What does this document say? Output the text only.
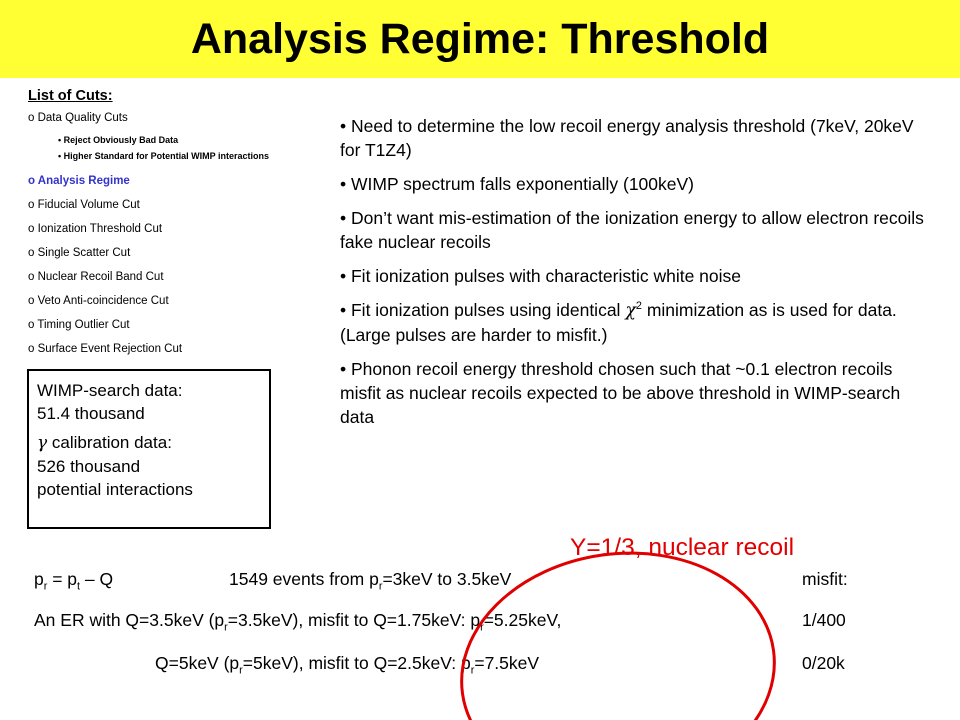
Analysis Regime: Threshold
List of Cuts:
o Data Quality Cuts
• Reject Obviously Bad Data
• Higher Standard for Potential WIMP interactions
o Analysis Regime
o Fiducial Volume Cut
o Ionization Threshold Cut
o Single Scatter Cut
o Nuclear Recoil Band Cut
o Veto Anti-coincidence Cut
o Timing Outlier Cut
o Surface Event Rejection Cut

WIMP-search data:
51.4 thousand

γ calibration data:
526 thousand
potential interactions

• Need to determine the low recoil energy analysis threshold (7keV, 20keV for T1Z4)
• WIMP spectrum falls exponentially (100keV)
• Don’t want mis-estimation of the ionization energy to allow electron recoils fake nuclear recoils
• Fit ionization pulses with characteristic white noise
• Fit ionization pulses using identical $\chi^2$ minimization as is used for data. (Large pulses are harder to misfit.)
• Phonon recoil energy threshold chosen such that ~0.1 electron recoils misfit as nuclear recoils expected to be above threshold in WIMP-search data
Y=1/3, nuclear recoil
$p_r = p_t - Q$	1549 events from $p_r=3keV$ to 3.5keV	misfit:
An ER with Q=3.5keV $(p_r=3.5keV)$, misfit to Q=1.75keV: $p_r=5.25keV$,	1/400
Q=5keV $(p_r=5keV)$, misfit to Q=2.5keV: $p_r=7.5keV$	0/20k
